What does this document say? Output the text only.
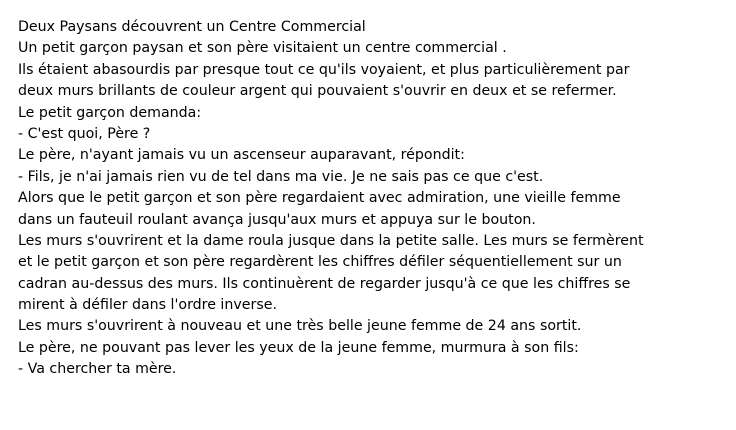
Deux Paysans découvrent un Centre Commercial
Un petit garçon paysan et son père visitaient un centre commercial .
Ils étaient abasourdis par presque tout ce qu'ils voyaient, et plus particulièrement par
deux murs brillants de couleur argent qui pouvaient s'ouvrir en deux et se refermer.
Le petit garçon demanda:
- C'est quoi, Père ?
Le père, n'ayant jamais vu un ascenseur auparavant, répondit:
- Fils, je n'ai jamais rien vu de tel dans ma vie. Je ne sais pas ce que c'est.
Alors que le petit garçon et son père regardaient avec admiration, une vieille femme
dans un fauteuil roulant avança jusqu'aux murs et appuya sur le bouton.
Les murs s'ouvrirent et la dame roula jusque dans la petite salle. Les murs se fermèrent
et le petit garçon et son père regardèrent les chiffres défiler séquentiellement sur un
cadran au-dessus des murs. Ils continuèrent de regarder jusqu'à ce que les chiffres se
mirent à défiler dans l'ordre inverse.
Les murs s'ouvrirent à nouveau et une très belle jeune femme de 24 ans sortit.
Le père, ne pouvant pas lever les yeux de la jeune femme, murmura à son fils:
- Va chercher ta mère.
